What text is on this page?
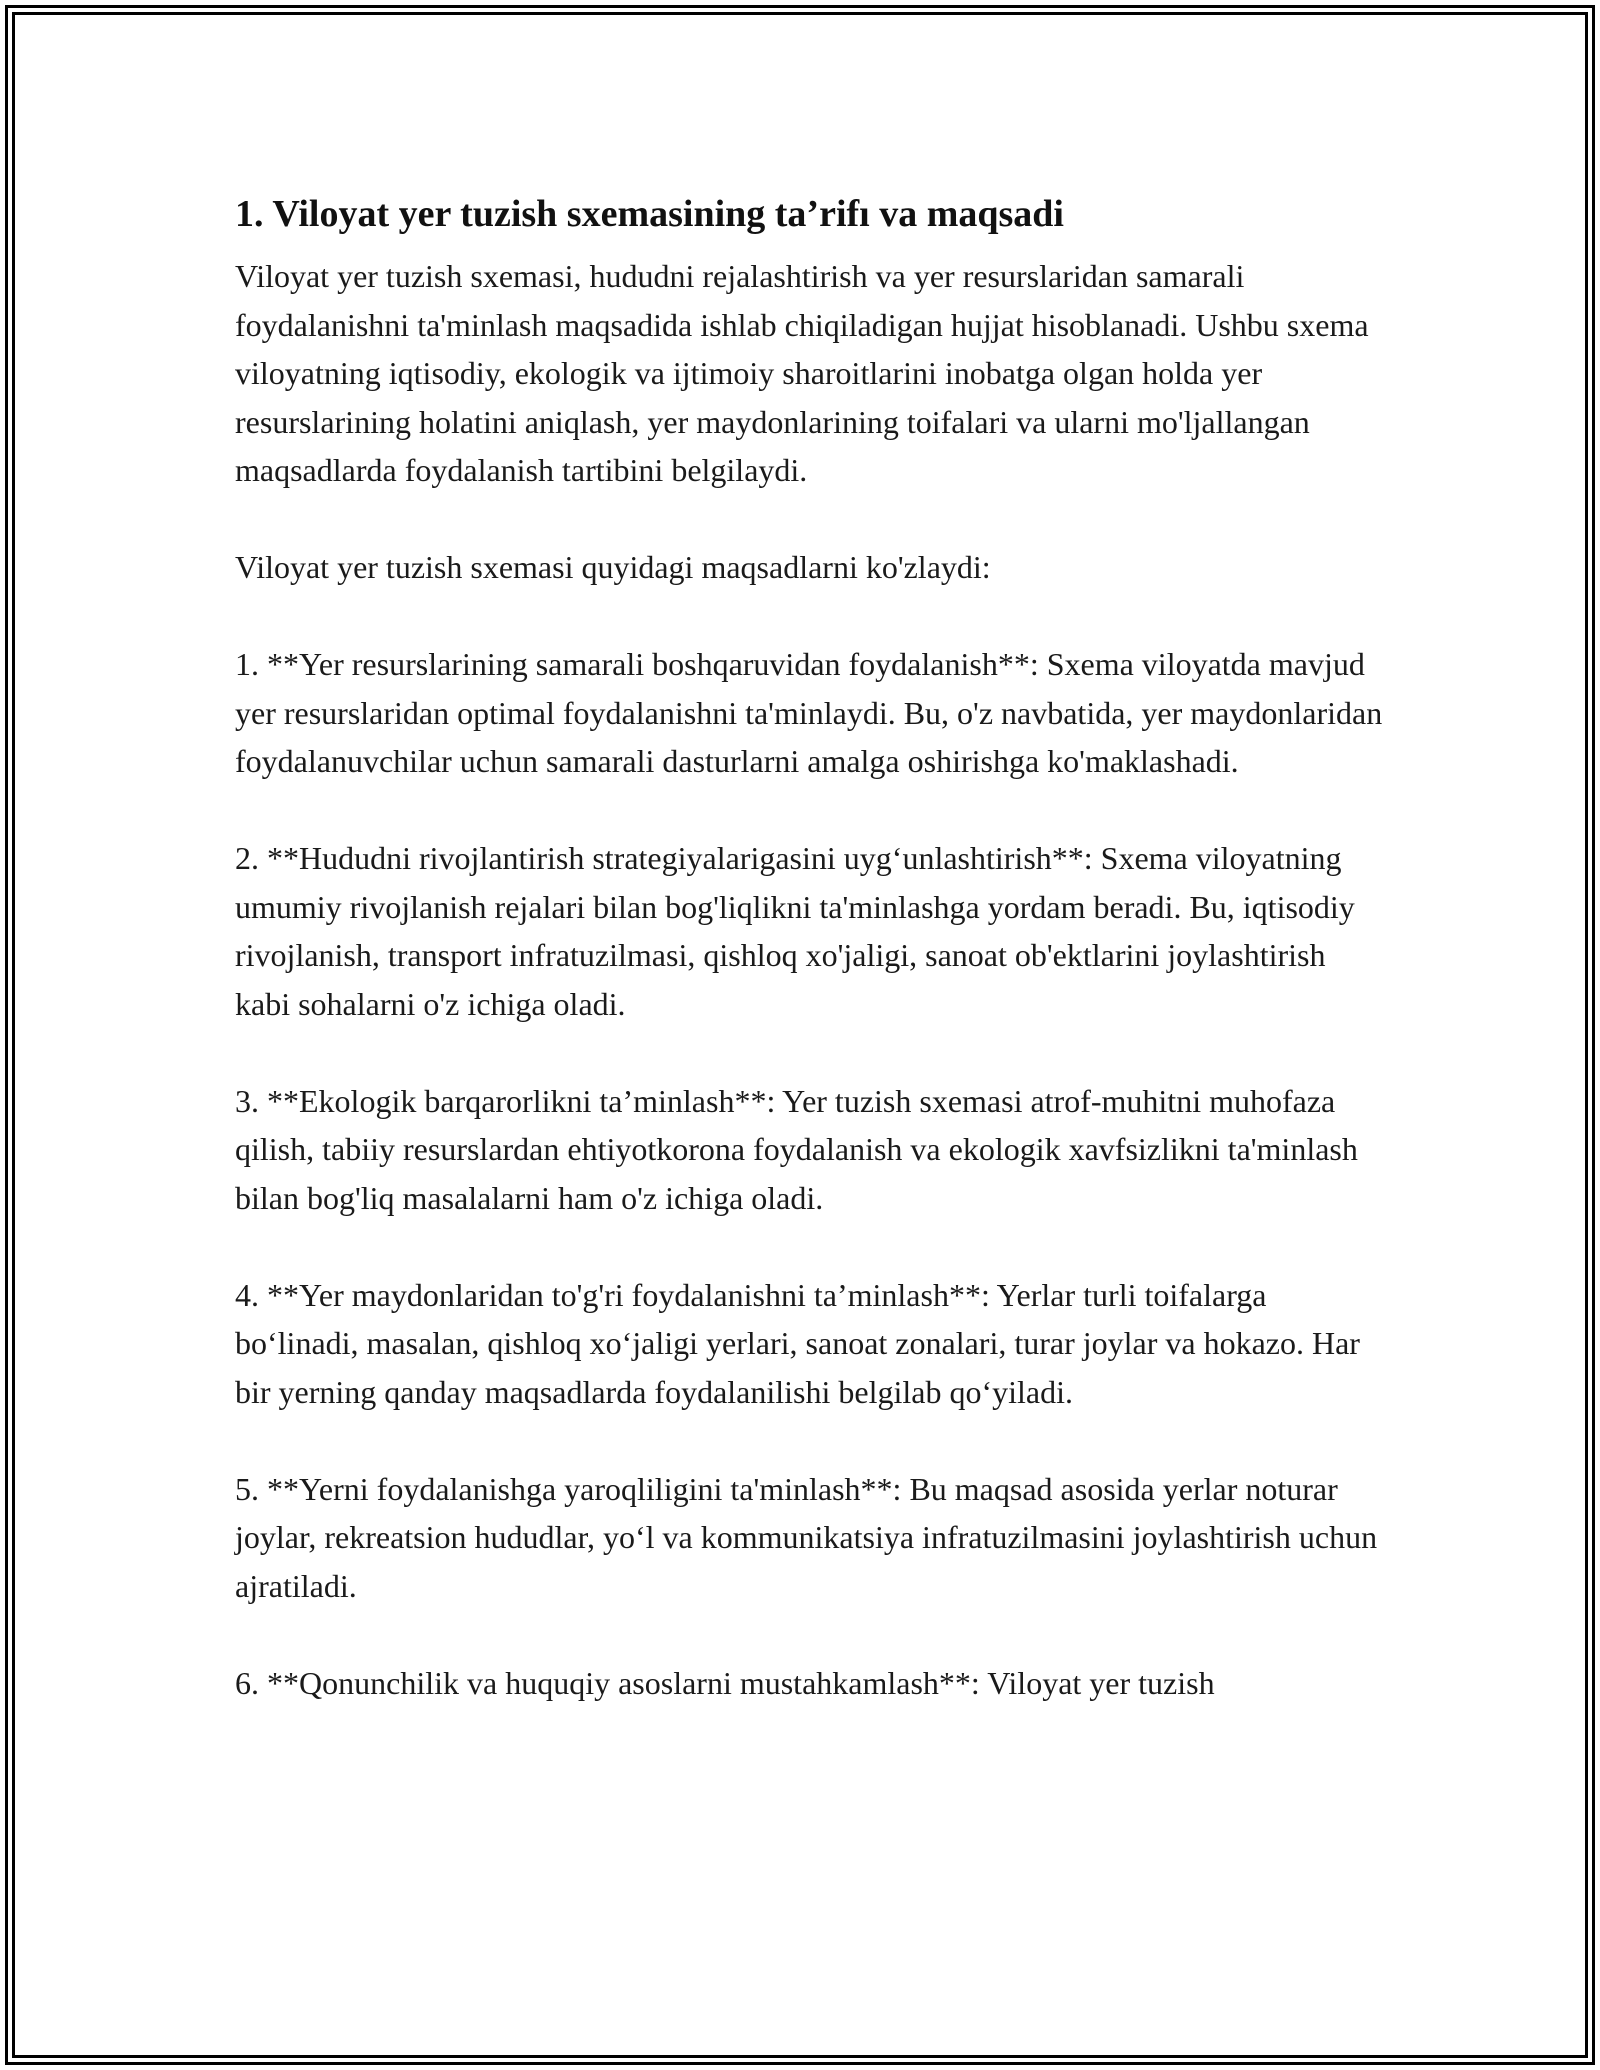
1. Viloyat yer tuzish sxemasining ta’rifı va maqsadi

Viloyat yer tuzish sxemasi, hududni rejalashtirish va yer resurslaridan samarali foydalanishni ta'minlash maqsadida ishlab chiqiladigan hujjat hisoblanadi. Ushbu sxema viloyatning iqtisodiy, ekologik va ijtimoiy sharoitlarini inobatga olgan holda yer resurslarining holatini aniqlash, yer maydonlarining toifalari va ularni mo'ljallangan maqsadlarda foydalanish tartibini belgilaydi.

Viloyat yer tuzish sxemasi quyidagi maqsadlarni ko'zlaydi:

1. **Yer resurslarining samarali boshqaruvidan foydalanish**: Sxema viloyatda mavjud yer resurslaridan optimal foydalanishni ta'minlaydi. Bu, o'z navbatida, yer maydonlaridan foydalanuvchilar uchun samarali dasturlarni amalga oshirishga ko'maklashadi.

2. **Hududni rivojlantirish strategiyalarigasini uyg‘unlashtirish**: Sxema viloyatning umumiy rivojlanish rejalari bilan bog'liqlikni ta'minlashga yordam beradi. Bu, iqtisodiy rivojlanish, transport infratuzilmasi, qishloq xo'jaligi, sanoat ob'ektlarini joylashtirish kabi sohalarni o'z ichiga oladi.

3. **Ekologik barqarorlikni ta’minlash**: Yer tuzish sxemasi atrof-muhitni muhofaza qilish, tabiiy resurslardan ehtiyotkorona foydalanish va ekologik xavfsizlikni ta'minlash bilan bog'liq masalalarni ham o'z ichiga oladi.

4. **Yer maydonlaridan to'g'ri foydalanishni ta’minlash**: Yerlar turli toifalarga bo‘linadi, masalan, qishloq xo‘jaligi yerlari, sanoat zonalari, turar joylar va hokazo. Har bir yerning qanday maqsadlarda foydalanilishi belgilab qo‘yiladi.

5. **Yerni foydalanishga yaroqliligini ta'minlash**: Bu maqsad asosida yerlar noturar joylar, rekreatsion hududlar, yo‘l va kommunikatsiya infratuzilmasini joylashtirish uchun ajratiladi.

6. **Qonunchilik va huquqiy asoslarni mustahkamlash**: Viloyat yer tuzish
